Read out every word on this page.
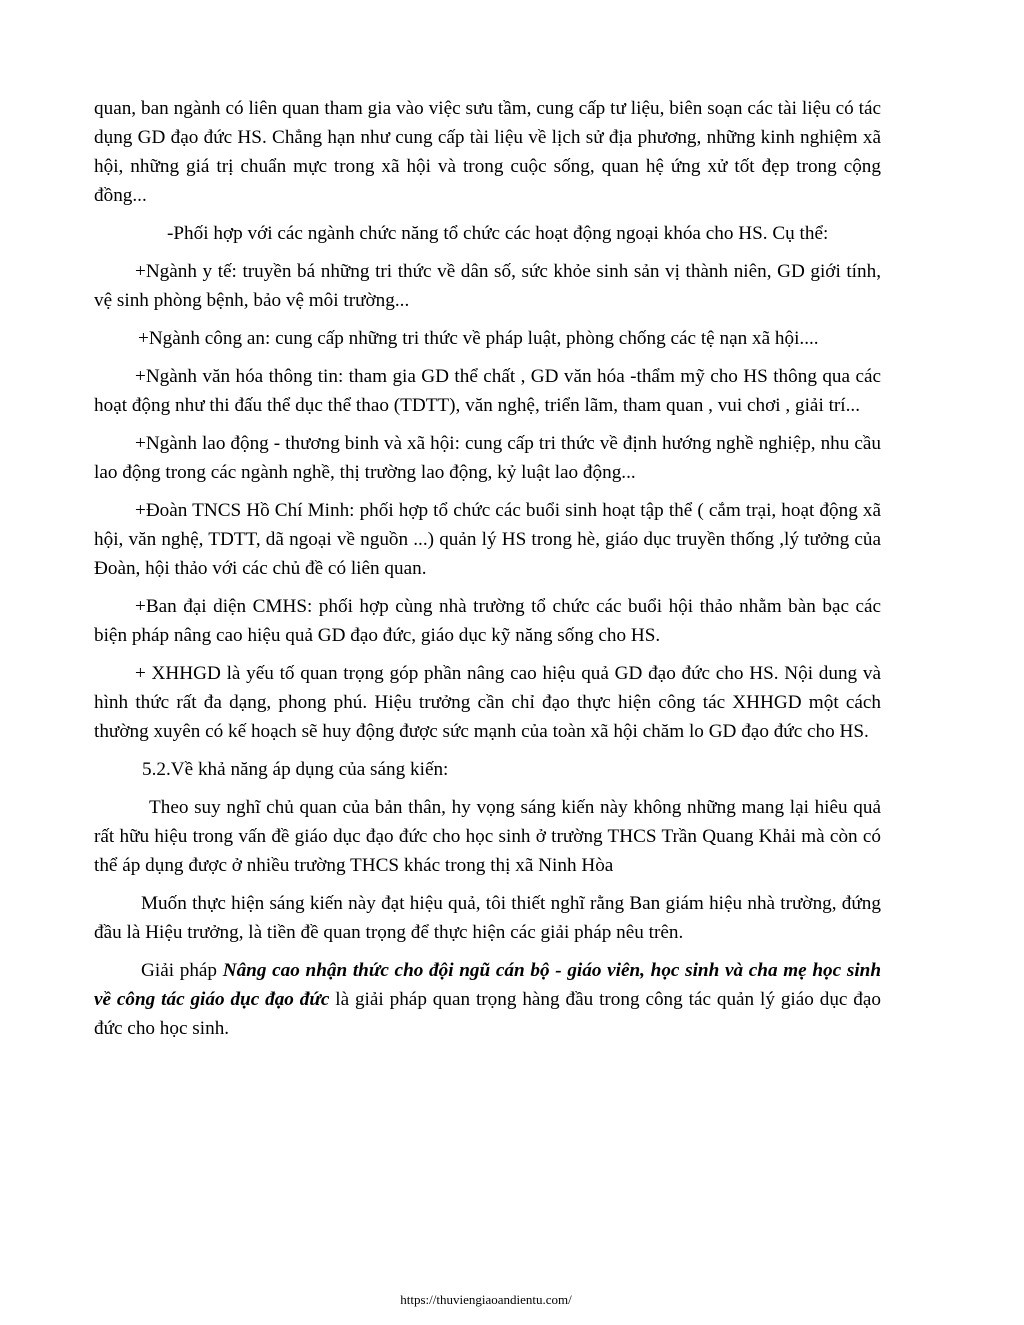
quan, ban ngành có liên quan tham gia vào việc sưu tầm, cung cấp tư liệu, biên soạn các tài liệu có tác dụng GD đạo đức HS. Chẳng hạn như cung cấp tài liệu về lịch sử địa phương, những kinh nghiệm xã hội, những giá trị chuẩn mực trong xã hội và trong cuộc sống, quan hệ ứng xử tốt đẹp trong cộng đồng...

-Phối hợp với các ngành chức năng tổ chức các hoạt động ngoại khóa cho HS. Cụ thể:

+Ngành y tế: truyền bá những tri thức về dân số, sức khỏe sinh sản vị thành niên, GD giới tính, vệ sinh phòng bệnh, bảo vệ môi trường...

+Ngành công an: cung cấp những tri thức về pháp luật, phòng chống các tệ nạn xã hội....

+Ngành văn hóa thông tin: tham gia GD thể chất , GD văn hóa -thẩm mỹ cho HS thông qua các hoạt động như thi đấu thể dục thể thao (TDTT), văn nghệ, triển lãm, tham quan , vui chơi , giải trí...

+Ngành lao động - thương binh và xã hội: cung cấp tri thức về định hướng nghề nghiệp, nhu cầu lao động trong các ngành nghề, thị trường lao động, kỷ luật lao động...

+Đoàn TNCS Hồ Chí Minh: phối hợp tổ chức các buổi sinh hoạt tập thể ( cắm trại, hoạt động xã hội, văn nghệ, TDTT, dã ngoại về nguồn ...) quản lý HS trong hè, giáo dục truyền thống ,lý tưởng của Đoàn, hội thảo với các chủ đề có liên quan.

+Ban đại diện CMHS: phối hợp cùng nhà trường tổ chức các buổi hội thảo nhằm bàn bạc các biện pháp nâng cao hiệu quả GD đạo đức, giáo dục kỹ năng sống cho HS.

+ XHHGD là yếu tố quan trọng góp phần nâng cao hiệu quả GD đạo đức cho HS. Nội dung và hình thức rất đa dạng, phong phú. Hiệu trưởng cần chỉ đạo thực hiện công tác XHHGD một cách thường xuyên có kế hoạch sẽ huy động được sức mạnh của toàn xã hội chăm lo GD đạo đức cho HS.

5.2.Về khả năng áp dụng của sáng kiến:

Theo suy nghĩ chủ quan của bản thân, hy vọng sáng kiến này không những mang lại hiêu quả rất hữu hiệu trong vấn đề giáo dục đạo đức cho học sinh ở trường THCS Trần Quang Khải mà còn có thể áp dụng được ở nhiều trường THCS khác trong thị xã Ninh Hòa

Muốn thực hiện sáng kiến này đạt hiệu quả, tôi thiết nghĩ rằng Ban giám hiệu nhà trường, đứng đầu là Hiệu trưởng, là tiền đề quan trọng để thực hiện các giải pháp nêu trên.

Giải pháp Nâng cao nhận thức cho đội ngũ cán bộ - giáo viên, học sinh và cha mẹ học sinh về công tác giáo dục đạo đức là giải pháp quan trọng hàng đầu trong công tác quản lý giáo dục đạo đức cho học sinh.

https://thuviengiaoandientu.com/
